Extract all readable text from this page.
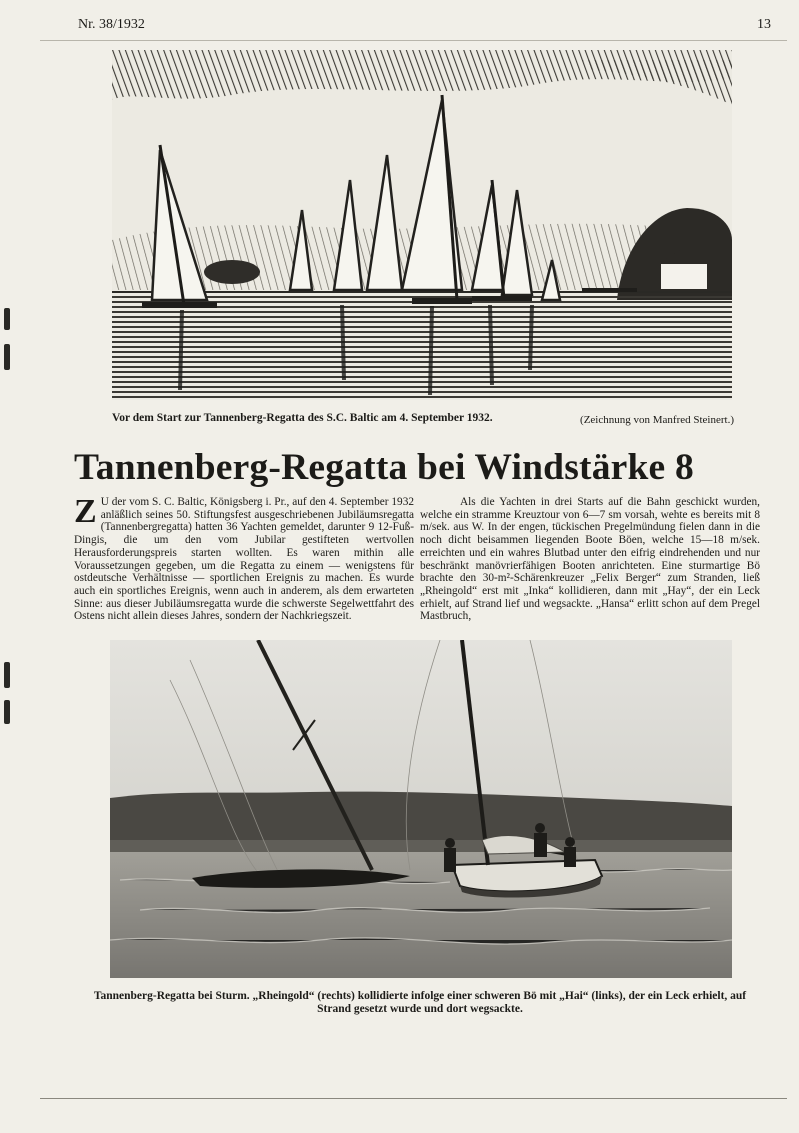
Nr. 38/1932	13
Vor dem Start zur Tannenberg-Regatta des S.C. Baltic am 4. September 1932.	(Zeichnung von Manfred Steinert.)
Tannenberg-Regatta bei Windstärke 8

Z U der vom S. C. Baltic, Königsberg i. Pr., auf den 4. September 1932 anläßlich seines 50. Stiftungsfest ausgeschriebenen Jubiläumsregatta (Tannenbergregatta) hatten 36 Yachten gemeldet, darunter 9 12-Fuß-Dingis, die um den vom Jubilar gestifteten wertvollen Herausforderungspreis starten wollten. Es waren mithin alle Voraussetzungen gegeben, um die Regatta zu einem — wenigstens für ostdeutsche Verhältnisse — sportlichen Ereignis zu machen. Es wurde auch ein sportliches Ereignis, wenn auch in anderem, als dem erwarteten Sinne: aus dieser Jubiläumsregatta wurde die schwerste Segelwettfahrt des Ostens nicht allein dieses Jahres, sondern der Nachkriegszeit.

Als die Yachten in drei Starts auf die Bahn geschickt wurden, welche ein stramme Kreuztour von 6—7 sm vorsah, wehte es bereits mit 8 m/sek. aus W. In der engen, tückischen Pregelmündung fielen dann in die noch dicht beisammen liegenden Boote Böen, welche 15—18 m/sek. erreichten und ein wahres Blutbad unter den eifrig eindrehenden und nur beschränkt manövrierfähigen Booten anrichteten. Eine sturmartige Bö brachte den 30-m²-Schärenkreuzer „Felix Berger“ zum Stranden, ließ „Rheingold“ erst mit „Inka“ kollidieren, dann mit „Hay“, der ein Leck erhielt, auf Strand lief und wegsackte. „Hansa“ erlitt schon auf dem Pregel Mastbruch,

Tannenberg-Regatta bei Sturm. „Rheingold“ (rechts) kollidierte infolge einer schweren Bö mit „Hai“ (links), der ein Leck erhielt, auf Strand gesetzt wurde und dort wegsackte.
